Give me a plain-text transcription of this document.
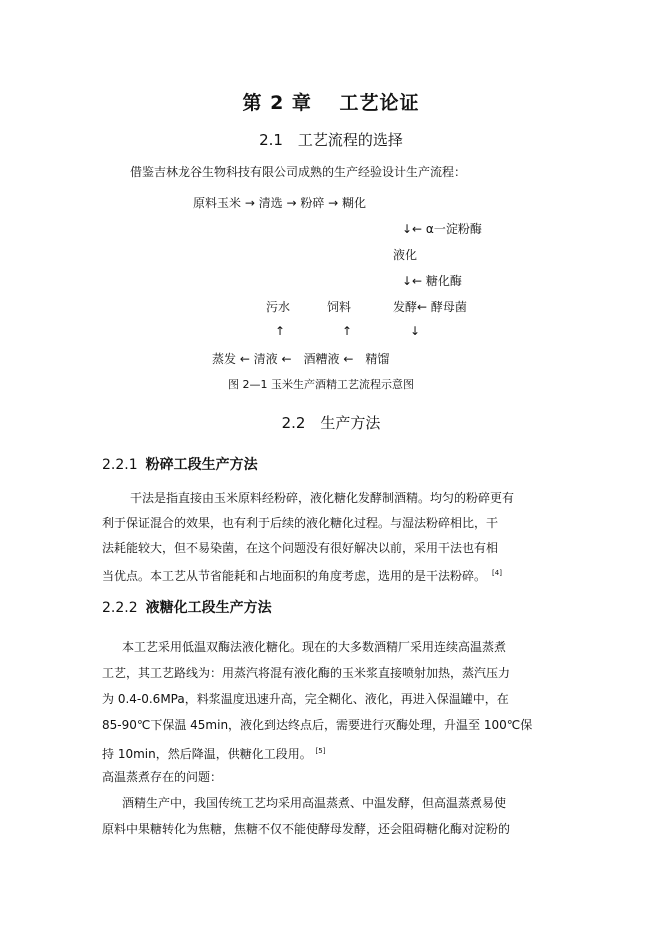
第 2 章　 工艺论证
2.1　工艺流程的选择
借鉴吉林龙谷生物科技有限公司成熟的生产经验设计生产流程：
原料玉米 → 清选 → 粉碎 → 糊化
↓← α一淀粉酶
液化
↓← 糖化酶
污水	饲料	发酵← 酵母菌
↑	↑	↓
蒸发 ← 清液 ←　酒糟液 ←　精馏
图 2—1 玉米生产酒精工艺流程示意图
2.2　生产方法
2.2.1 粉碎工段生产方法
干法是指直接由玉米原料经粉碎，液化糖化发酵制酒精。均匀的粉碎更有
利于保证混合的效果，也有利于后续的液化糖化过程。与湿法粉碎相比，干
法耗能较大，但不易染菌，在这个问题没有很好解决以前，采用干法也有相
当优点。本工艺从节省能耗和占地面积的角度考虑，选用的是干法粉碎。　 [4]
2.2.2 液糖化工段生产方法
本工艺采用低温双酶法液化糖化。现在的大多数酒精厂采用连续高温蒸煮
工艺，其工艺路线为：用蒸汽将混有液化酶的玉米浆直接喷射加热，蒸汽压力
为 0.4-0.6MPa，料浆温度迅速升高，完全糊化、液化，再进入保温罐中，在
85-90℃下保温 45min，液化到达终点后，需要进行灭酶处理，升温至 100℃保
持 10min，然后降温，供糖化工段用。 [5]
高温蒸煮存在的问题：
酒精生产中，我国传统工艺均采用高温蒸煮、中温发酵，但高温蒸煮易使
原料中果糖转化为焦糖，焦糖不仅不能使酵母发酵，还会阻碍糖化酶对淀粉的
